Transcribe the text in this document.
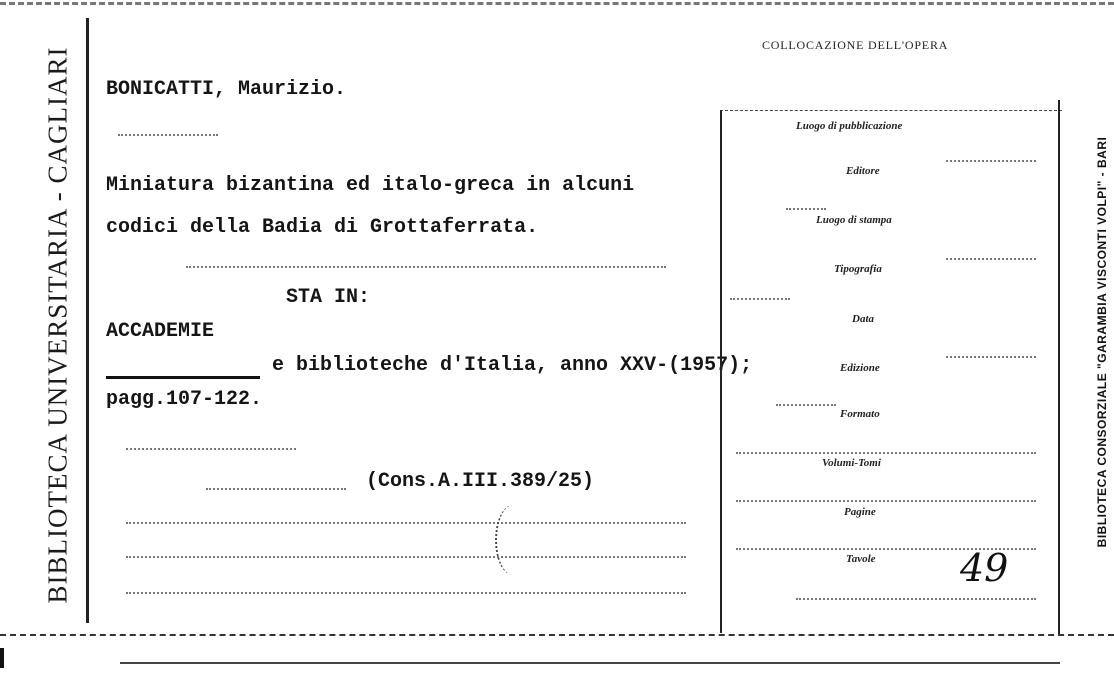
BIBLIOTECA UNIVERSITARIA - CAGLIARI BONICATTI, Maurizio.
Miniatura bizantina ed italo-greca in alcuni
codici della Badia di Grottaferrata.
STA IN:
ACCADEMIE
e biblioteche d'Italia, anno XXV-(1957);
pagg.107-122.
(Cons.A.III.389/25)
COLLOCAZIONE DELL'OPERA
Luogo di pubblicazione
Editore
Luogo di stampa
Tipografia
Data
Edizione
Formato
Volumi-Tomi
Pagine
Tavole 49
BIBLIOTECA CONSORZIALE "GARAMBIA VISCONTI VOLPI" - BARI
